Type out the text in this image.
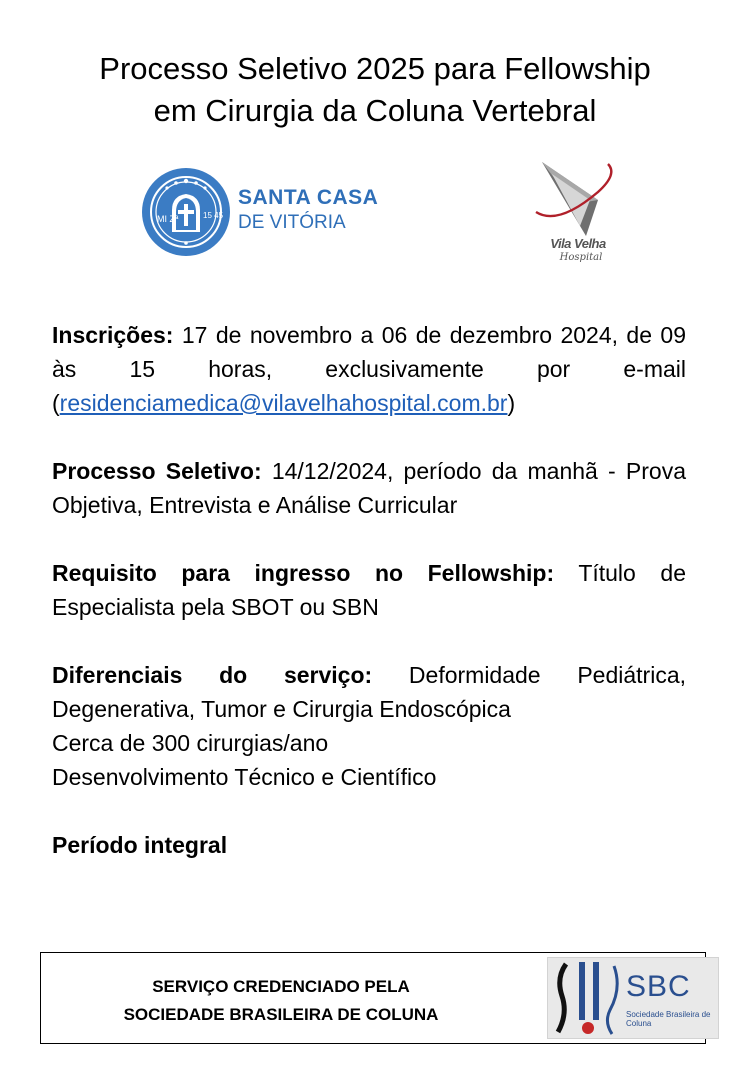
Processo Seletivo 2025 para Fellowship
em Cirurgia da Coluna Vertebral
MI Zª	15 45
SANTA CASA
DE VITÓRIA
Vila Velha
Hospital

Inscrições: 17 de novembro a 06 de dezembro 2024, de 09 às 15 horas, exclusivamente por e-mail (residenciamedica@vilavelhahospital.com.br)

Processo Seletivo: 14/12/2024, período da manhã - Prova Objetiva, Entrevista e Análise Curricular

Requisito para ingresso no Fellowship: Título de Especialista pela SBOT ou SBN

Diferenciais do serviço: Deformidade Pediátrica, Degenerativa, Tumor e Cirurgia Endoscópica
Cerca de 300 cirurgias/ano
Desenvolvimento Técnico e Científico

Período integral

SERVIÇO CREDENCIADO PELA
SOCIEDADE BRASILEIRA DE COLUNA
SBC
Sociedade Brasileira de Coluna
